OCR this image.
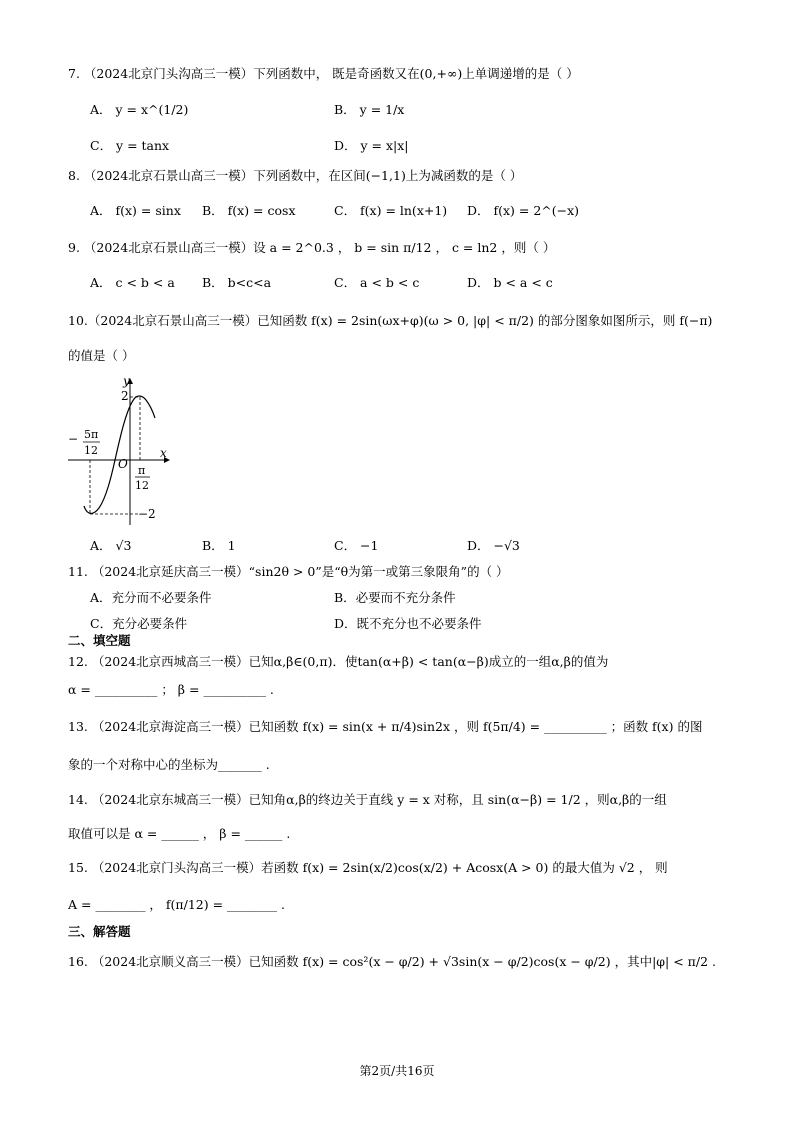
7. （2024北京门头沟高三一模）下列函数中， 既是奇函数又在(0,+∞)上单调递增的是（ ）
A． y = x^(1/2)	B． y = 1/x
C． y = tanx	D． y = x|x|
8. （2024北京石景山高三一模）下列函数中，在区间(−1,1)上为减函数的是（ ）
A． f(x) = sinx B． f(x) = cosx	C． f(x) = ln(x+1) D． f(x) = 2^(−x)
9. （2024北京石景山高三一模）设 a = 2^0.3 ， b = sin π/12 ， c = ln2 ，则（ ）
A． c < b < a B． b<c<a	C． a < b < c	D． b < a < c
10.（2024北京石景山高三一模）已知函数 f(x) = 2sin(ωx+φ)(ω > 0, |φ| < π/2) 的部分图象如图所示，则 f(−π)
的值是（ ）
y
x
2
O
− 5π
12
π
12
−2
A． √3	B． 1	C． −1	D． −√3
11. （2024北京延庆高三一模）“sin2θ > 0”是“θ为第一或第三象限角”的（ ）
A．充分而不必要条件	B．必要而不充分条件
C．充分必要条件	D．既不充分也不必要条件
二、填空题
12. （2024北京西城高三一模）已知α,β∈(0,π)．使tan(α+β) < tan(α−β)成立的一组α,β的值为
α = __________ ； β = __________ .
13. （2024北京海淀高三一模）已知函数 f(x) = sin(x + π/4)sin2x ，则 f(5π/4) = __________ ；函数 f(x) 的图
象的一个对称中心的坐标为_______ .
14. （2024北京东城高三一模）已知角α,β的终边关于直线 y = x 对称，且 sin(α−β) = 1/2 ，则α,β的一组
取值可以是 α = ______ ， β = ______ .
15. （2024北京门头沟高三一模）若函数 f(x) = 2sin(x/2)cos(x/2) + Acosx(A > 0) 的最大值为 √2 ， 则
A = ________ ， f(π/12) = ________ .
三、解答题
16. （2024北京顺义高三一模）已知函数 f(x) = cos²(x − φ/2) + √3sin(x − φ/2)cos(x − φ/2) ，其中|φ| < π/2 .
第2页/共16页
